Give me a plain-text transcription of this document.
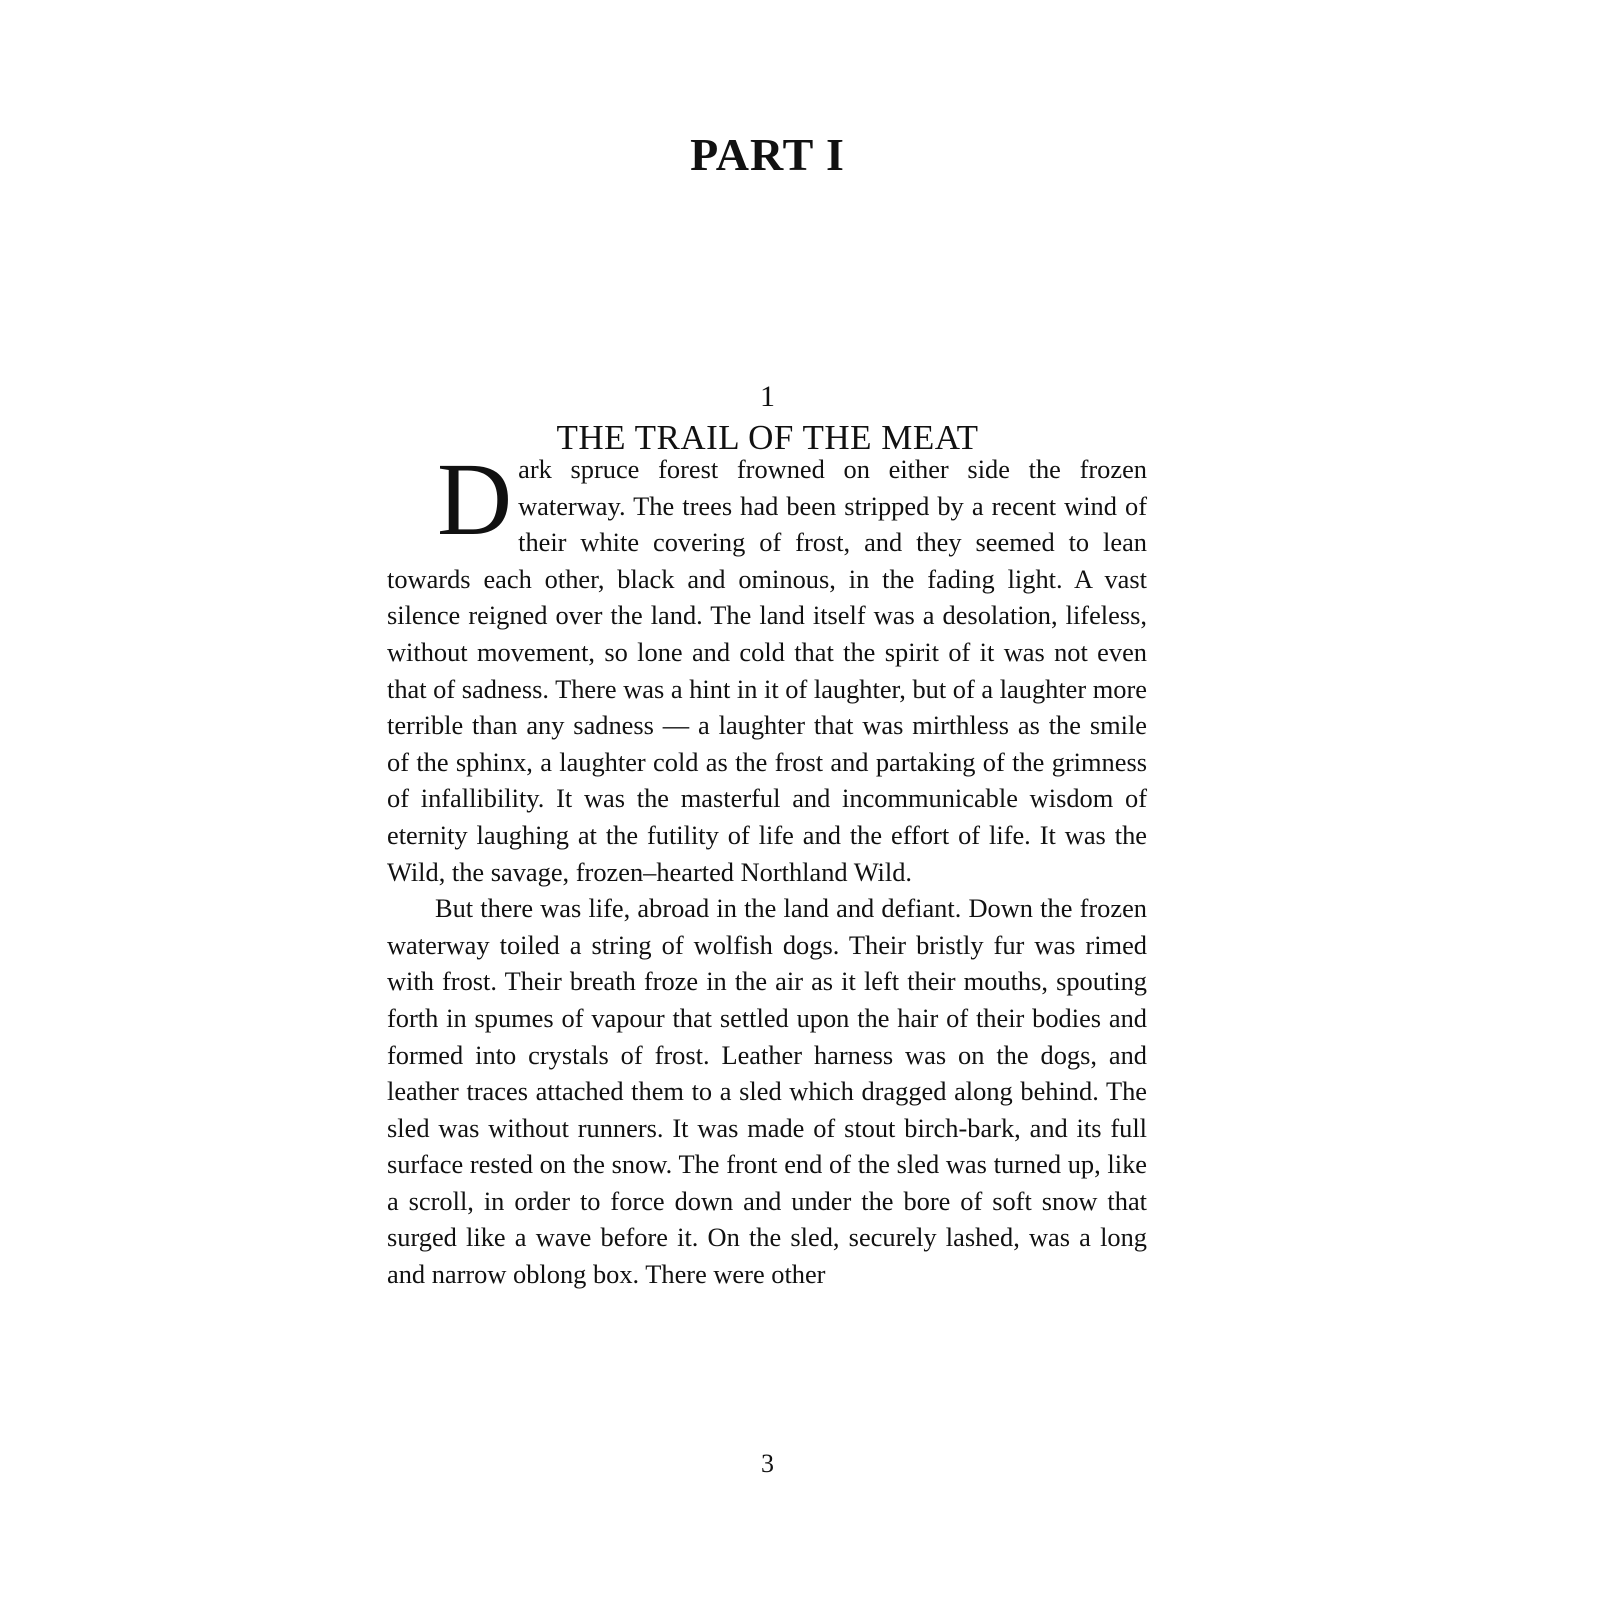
PART I
1
THE TRAIL OF THE MEAT

Dark spruce forest frowned on either side the frozen waterway. The trees had been stripped by a recent wind of their white covering of frost, and they seemed to lean towards each other, black and ominous, in the fading light. A vast silence reigned over the land. The land itself was a desolation, lifeless, without movement, so lone and cold that the spirit of it was not even that of sadness. There was a hint in it of laughter, but of a laughter more terrible than any sadness — a laughter that was mirthless as the smile of the sphinx, a laughter cold as the frost and partaking of the grimness of infallibility. It was the masterful and incommunicable wisdom of eternity laughing at the futility of life and the effort of life. It was the Wild, the savage, frozen–hearted Northland Wild.

But there was life, abroad in the land and defiant. Down the frozen waterway toiled a string of wolfish dogs. Their bristly fur was rimed with frost. Their breath froze in the air as it left their mouths, spouting forth in spumes of vapour that settled upon the hair of their bodies and formed into crystals of frost. Leather harness was on the dogs, and leather traces attached them to a sled which dragged along behind. The sled was without runners. It was made of stout birch-bark, and its full surface rested on the snow. The front end of the sled was turned up, like a scroll, in order to force down and under the bore of soft snow that surged like a wave before it. On the sled, securely lashed, was a long and narrow oblong box. There were other

3
